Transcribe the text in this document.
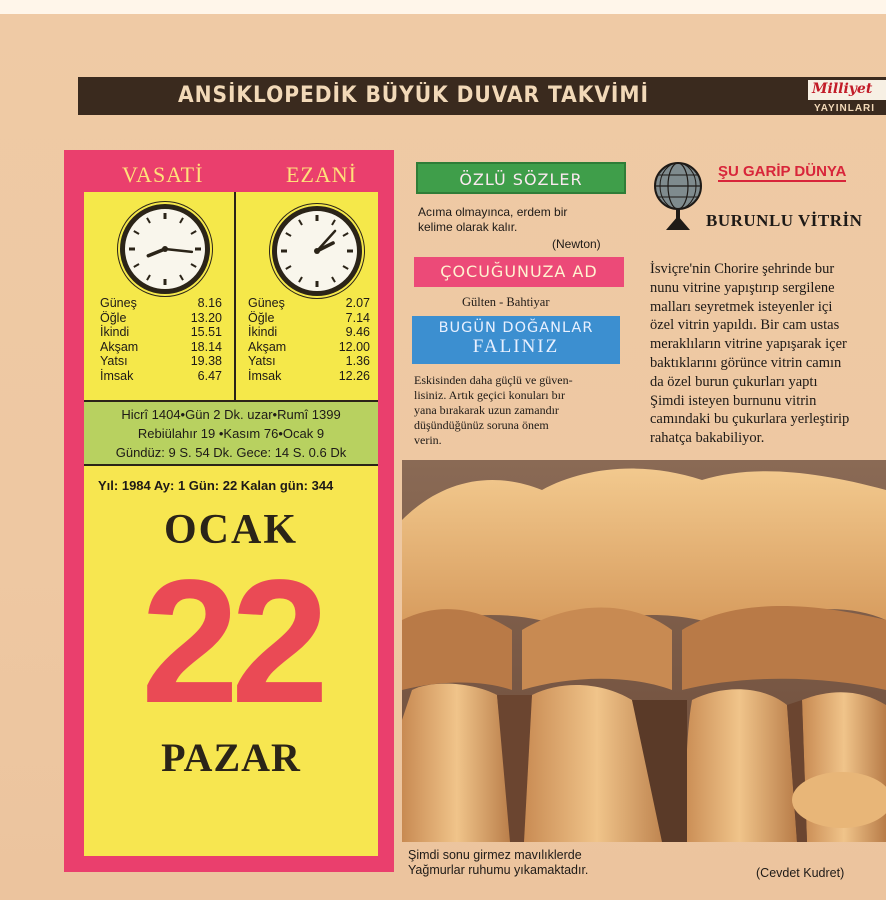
ANSİKLOPEDİK BÜYÜK DUVAR TAKVİMİ	Milliyet
YAYINLARI
VASATİ	EZANİ
Güneş	8.16
Öğle	13.20
İkindi	15.51
Akşam	18.14
Yatsı	19.38
İmsak	6.47
Güneş	2.07
Öğle	7.14
İkindi	9.46
Akşam	12.00
Yatsı	1.36
İmsak	12.26
Hicrî 1404•Gün 2 Dk. uzar•Rumî 1399
Rebiülahır 19 •Kasım 76•Ocak 9
Gündüz: 9 S. 54 Dk. Gece: 14 S. 0.6 Dk
Yıl: 1984 Ay: 1 Gün: 22 Kalan gün: 344
OCAK
22
PAZAR
ÖZLÜ SÖZLER
Acıma olmayınca, erdem bir
kelime olarak kalır.
(Newton)
ÇOCUĞUNUZA AD
Gülten - Bahtiyar
BUGÜN DOĞANLAR
FALINIZ
Eskisinden daha güçlü ve güven-
lisiniz. Artık geçici konuları bır
yana bırakarak uzun zamandır
düşündüğünüz soruna önem
verin.
ŞU GARİP DÜNYA
BURUNLU VİTRİN
İsviçre'nin Chorire şehrinde bur
nunu vitrine yapıştırıp sergilene
malları seyretmek isteyenler içi
özel vitrin yapıldı. Bir cam ustas
meraklıların vitrine yapışarak içer
baktıklarını görünce vitrin camın
da özel burun çukurları yaptı
Şimdi isteyen burnunu vitrin
camındaki bu çukurlara yerleştirip
rahatça bakabiliyor.
Şimdi sonu girmez mavılıklerde
Yağmurlar ruhumu yıkamaktadır.	(Cevdet Kudret)
